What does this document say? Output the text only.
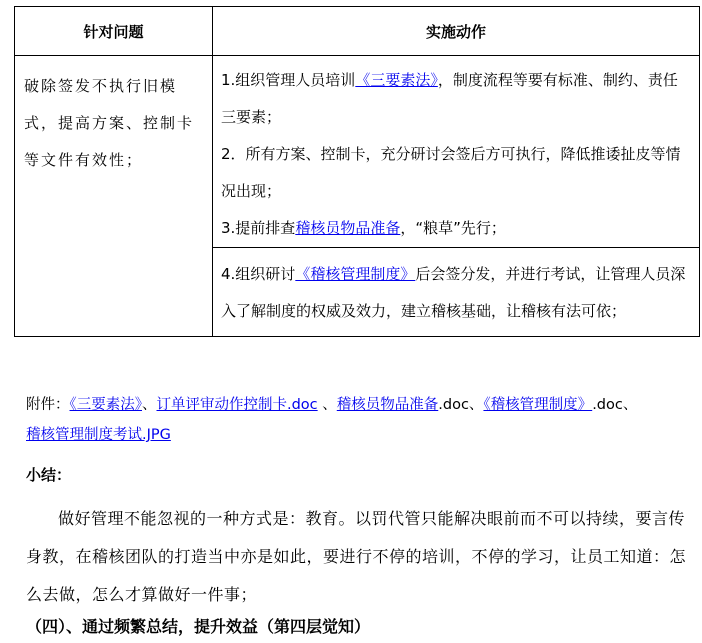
针对问题	实施动作
破除签发不执行旧模式，提高方案、控制卡等文件有效性；	1.组织管理人员培训《三要素法》，制度流程等要有标准、制约、责任三要素；

2．所有方案、控制卡，充分研讨会签后方可执行，降低推诿扯皮等情况出现；

3.提前排查稽核员物品准备，“粮草”先行；

	4.组织研讨《稽核管理制度》后会签分发，并进行考试，让管理人员深入了解制度的权威及效力，建立稽核基础，让稽核有法可依；

附件：《三要素法》、订单评审动作控制卡.doc 、稽核员物品准备.doc、《稽核管理制度》.doc、
稽核管理制度考试.JPG
小结：
做好管理不能忽视的一种方式是：教育。以罚代管只能解决眼前而不可以持续，要言传身教，在稽核团队的打造当中亦是如此，要进行不停的培训，不停的学习，让员工知道：怎么去做，怎么才算做好一件事；
（四）、通过频繁总结，提升效益（第四层觉知）
